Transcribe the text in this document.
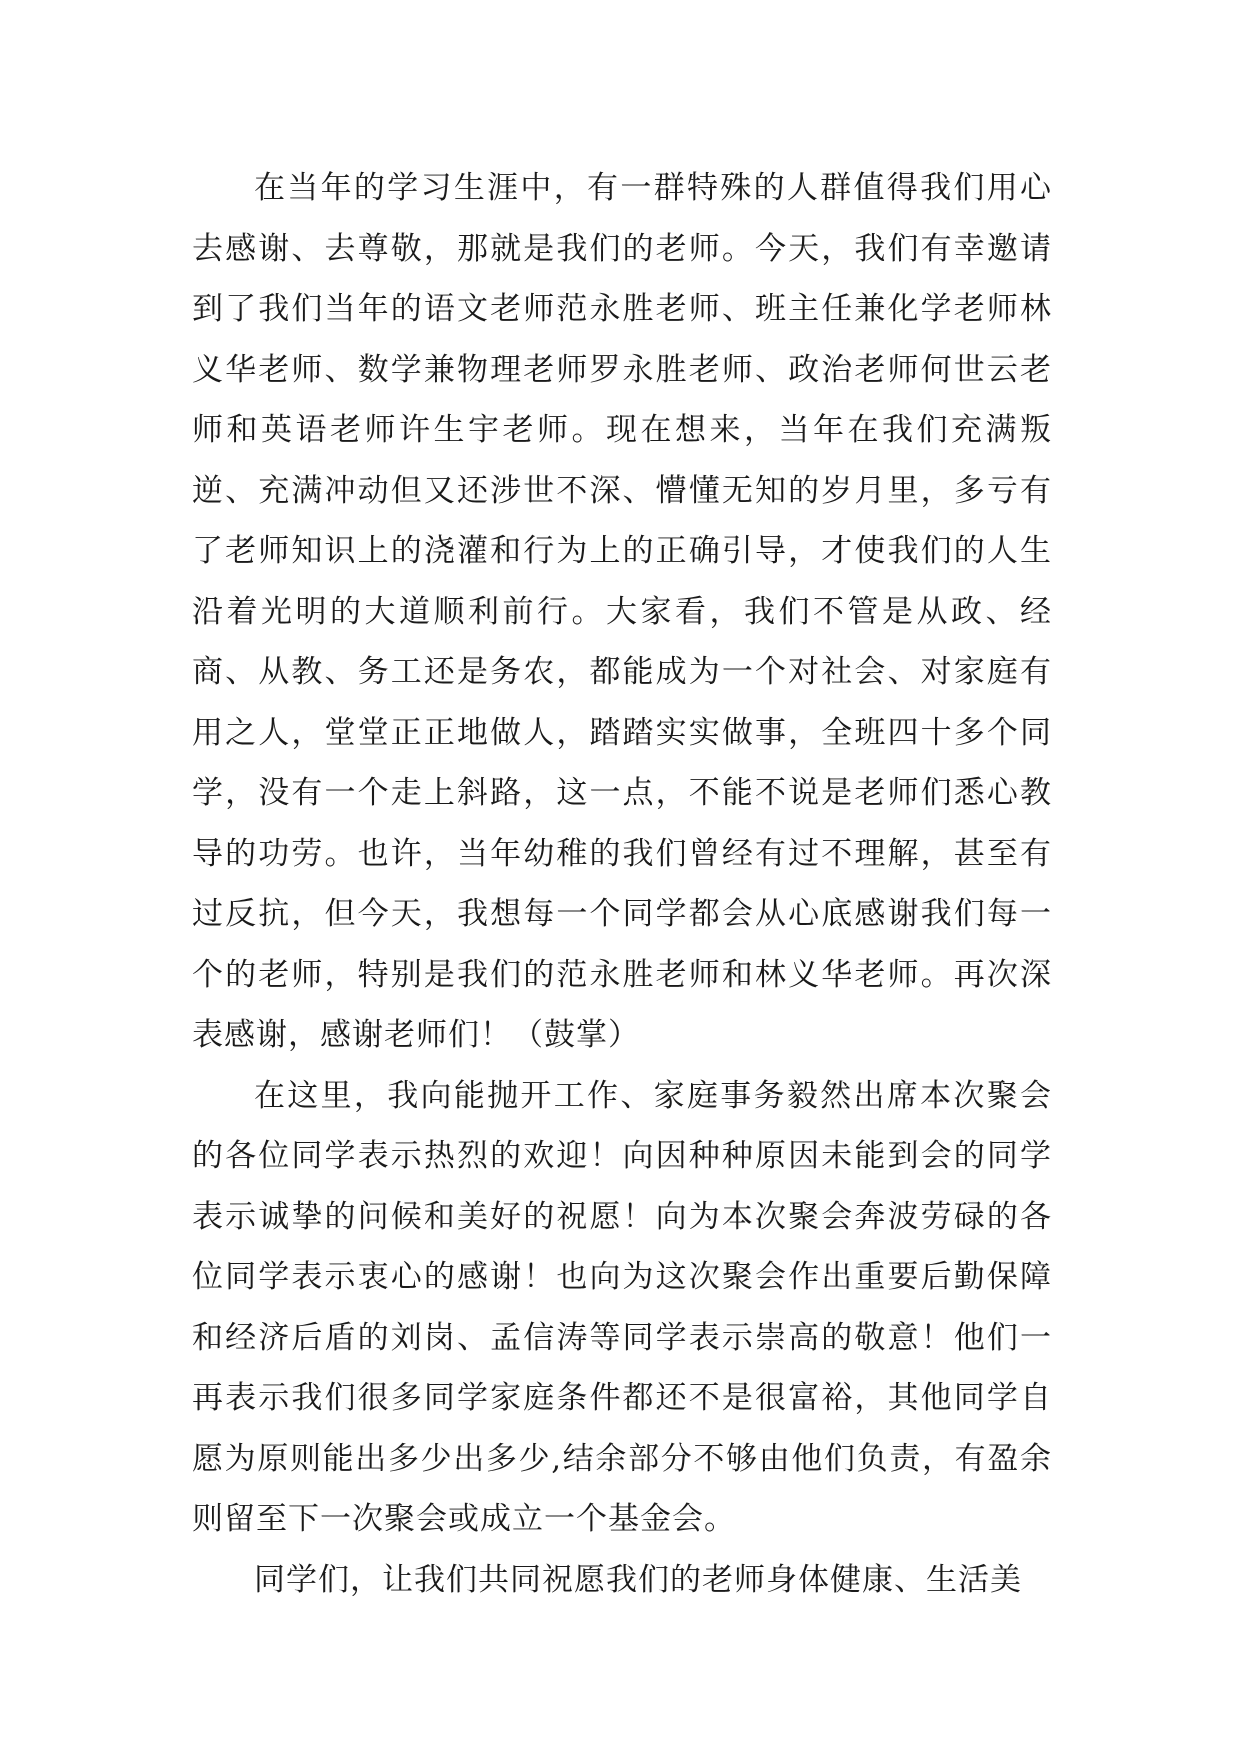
在当年的学习生涯中，有一群特殊的人群值得我们用心去感谢、去尊敬，那就是我们的老师。今天，我们有幸邀请到了我们当年的语文老师范永胜老师、班主任兼化学老师林义华老师、数学兼物理老师罗永胜老师、政治老师何世云老师和英语老师许生宇老师。现在想来，当年在我们充满叛逆、充满冲动但又还涉世不深、懵懂无知的岁月里，多亏有了老师知识上的浇灌和行为上的正确引导，才使我们的人生沿着光明的大道顺利前行。大家看，我们不管是从政、经商、从教、务工还是务农，都能成为一个对社会、对家庭有用之人，堂堂正正地做人，踏踏实实做事，全班四十多个同学，没有一个走上斜路，这一点，不能不说是老师们悉心教导的功劳。也许，当年幼稚的我们曾经有过不理解，甚至有过反抗，但今天，我想每一个同学都会从心底感谢我们每一个的老师，特别是我们的范永胜老师和林义华老师。再次深表感谢，感谢老师们！（鼓掌）

在这里，我向能抛开工作、家庭事务毅然出席本次聚会的各位同学表示热烈的欢迎！向因种种原因未能到会的同学表示诚挚的问候和美好的祝愿！向为本次聚会奔波劳碌的各位同学表示衷心的感谢！也向为这次聚会作出重要后勤保障和经济后盾的刘岗、孟信涛等同学表示崇高的敬意！他们一再表示我们很多同学家庭条件都还不是很富裕，其他同学自愿为原则能出多少出多少,结余部分不够由他们负责，有盈余则留至下一次聚会或成立一个基金会。

同学们，让我们共同祝愿我们的老师身体健康、生活美
